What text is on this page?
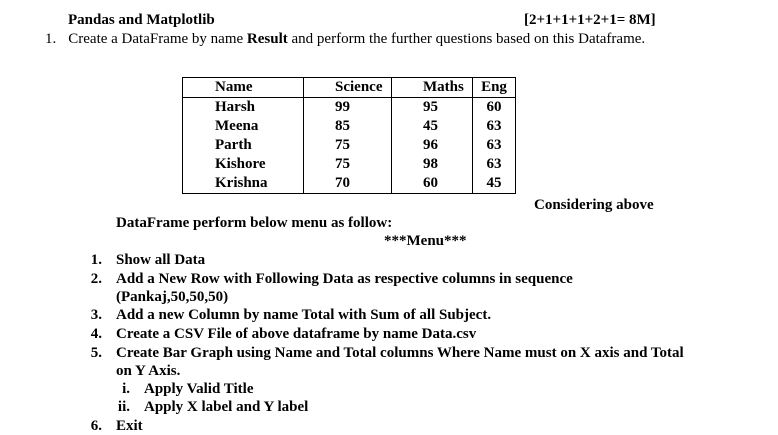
Pandas and Matplotlib	[2+1+1+1+2+1= 8M]
1. Create a DataFrame by name Result and perform the further questions based on this Dataframe.
Name	Science	Maths	Eng
Harsh	99	95	60
Meena	85	45	63
Parth	75	96	63
Kishore	75	98	63
Krishna	70	60	45
Considering above
DataFrame perform below menu as follow:
***Menu***
1. Show all Data
2. Add a New Row with Following Data as respective columns in sequence
(Pankaj,50,50,50)
3. Add a new Column by name Total with Sum of all Subject.
4. Create a CSV File of above dataframe by name Data.csv
5. Create Bar Graph using Name and Total columns Where Name must on X axis and Total
on Y Axis.
i. Apply Valid Title
ii. Apply X label and Y label
6. Exit
